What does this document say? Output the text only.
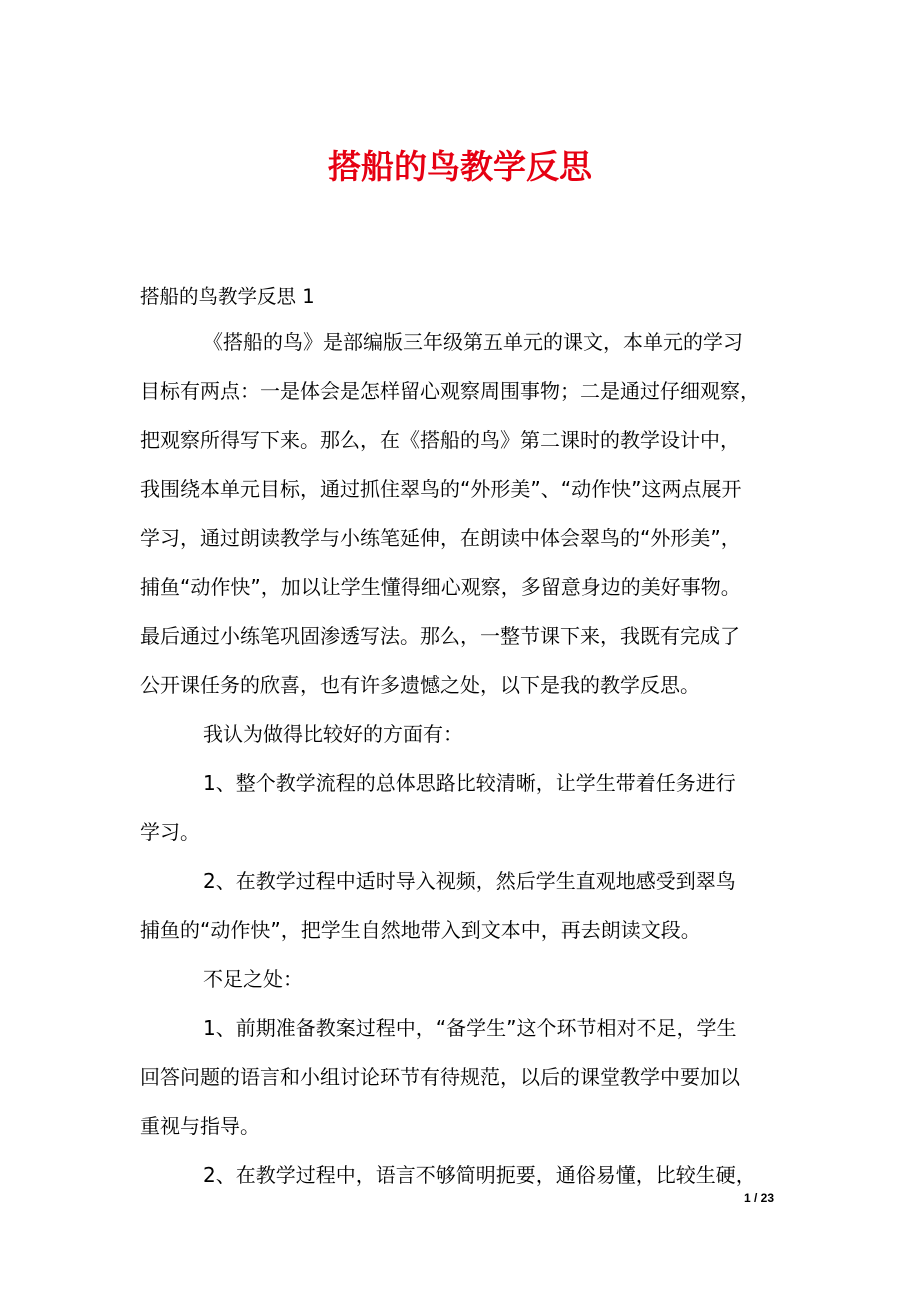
搭船的鸟教学反思
搭船的鸟教学反思 1
《搭船的鸟》是部编版三年级第五单元的课文，本单元的学习
目标有两点：一是体会是怎样留心观察周围事物；二是通过仔细观察，
把观察所得写下来。那么，在《搭船的鸟》第二课时的教学设计中，
我围绕本单元目标，通过抓住翠鸟的“外形美”、“动作快”这两点展开
学习，通过朗读教学与小练笔延伸，在朗读中体会翠鸟的“外形美”，
捕鱼“动作快”，加以让学生懂得细心观察，多留意身边的美好事物。
最后通过小练笔巩固渗透写法。那么，一整节课下来，我既有完成了
公开课任务的欣喜，也有许多遗憾之处，以下是我的教学反思。
我认为做得比较好的方面有：
1、整个教学流程的总体思路比较清晰，让学生带着任务进行
学习。
2、在教学过程中适时导入视频，然后学生直观地感受到翠鸟
捕鱼的“动作快”，把学生自然地带入到文本中，再去朗读文段。
不足之处：
1、前期准备教案过程中，“备学生”这个环节相对不足，学生
回答问题的语言和小组讨论环节有待规范，以后的课堂教学中要加以
重视与指导。
2、在教学过程中，语言不够简明扼要，通俗易懂，比较生硬，
1 / 23
